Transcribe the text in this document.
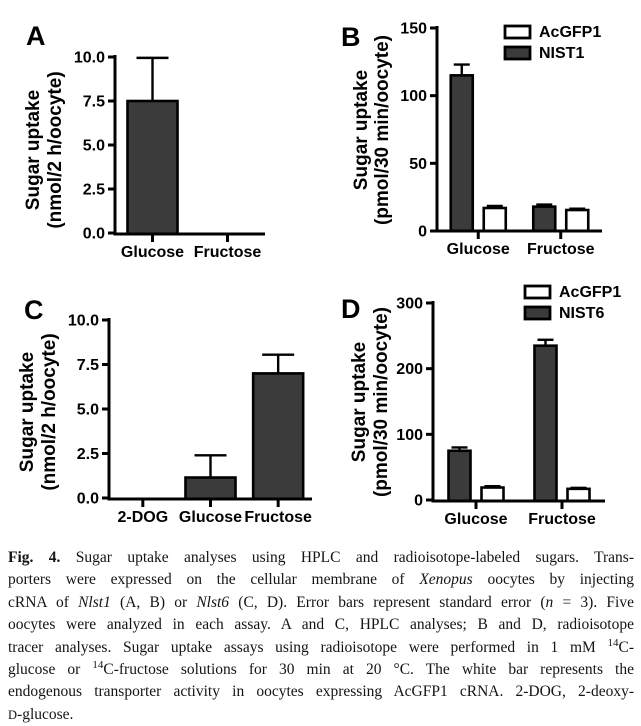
0.0
2.5
5.0
7.5
10.0
Glucose Fructose
Sugar uptake (nmol/2 h/oocyte)
A
0
50
100
150
Glucose Fructose
Sugar uptake (pmol/30 min/oocyte)
B	AcGFP1
NIST1
0.0
2.5
5.0
7.5
10.0
2-DOG Glucose Fructose
Sugar uptake (nmol/2 h/oocyte)
C
0
100
200
300
Glucose Fructose
Sugar uptake (pmol/30 min/oocyte)
D
AcGFP1
NIST6
Fig. 4. Sugar uptake analyses using HPLC and radioisotope-labeled sugars. Trans-
porters were expressed on the cellular membrane of Xenopus oocytes by injecting
cRNA of Nlst1 (A, B) or Nlst6 (C, D). Error bars represent standard error (n = 3). Five
oocytes were analyzed in each assay. A and C, HPLC analyses; B and D, radioisotope
tracer analyses. Sugar uptake assays using radioisotope were performed in 1 mM $^{14}$C-
glucose or $^{14}$C-fructose solutions for 30 min at 20 °C. The white bar represents the
endogenous transporter activity in oocytes expressing AcGFP1 cRNA. 2-DOG, 2-deoxy-
D-glucose.
